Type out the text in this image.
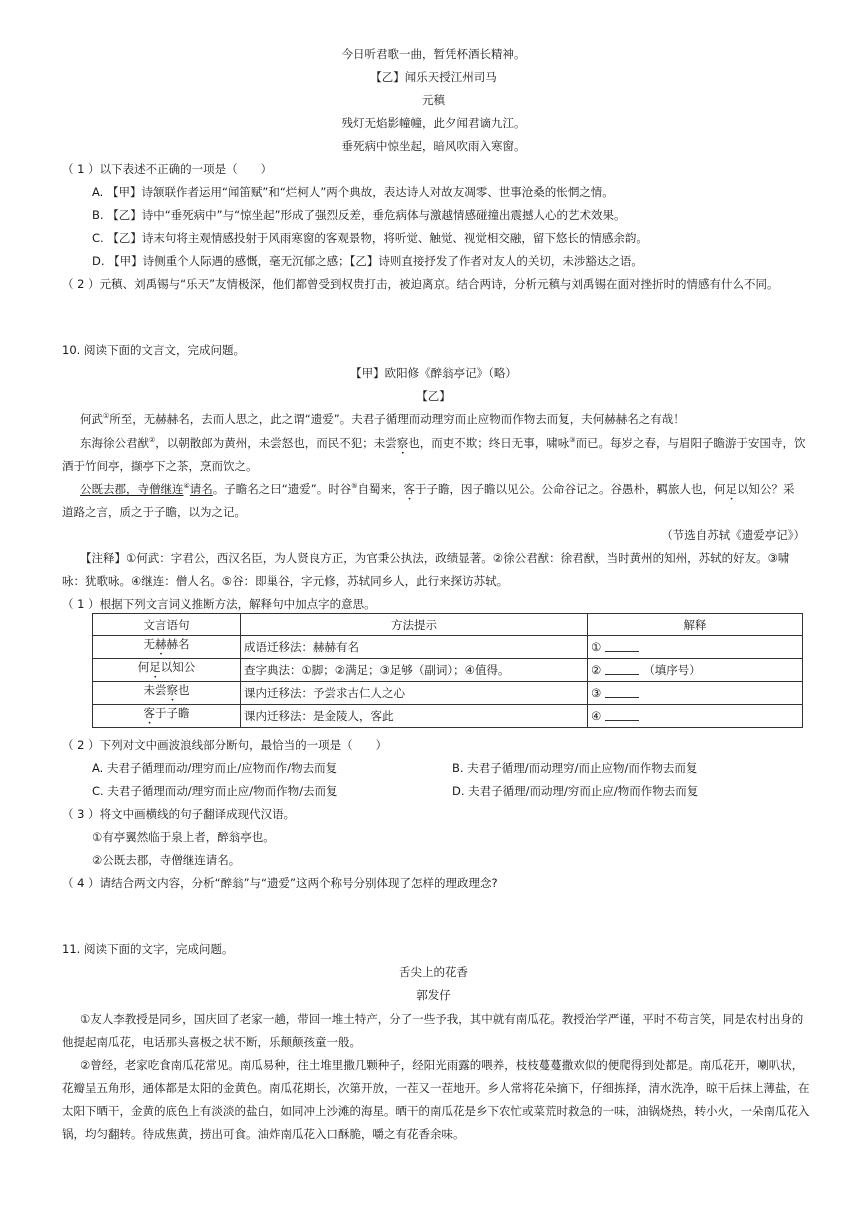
今日听君歌一曲，暂凭杯酒长精神。
【乙】闻乐天授江州司马
元稹
残灯无焰影幢幢，此夕闻君谪九江。
垂死病中惊坐起，暗风吹雨入寒窗。
（ 1 ）以下表述不正确的一项是（　　）
A. 【甲】诗颔联作者运用“闻笛赋”和“烂柯人”两个典故，表达诗人对故友凋零、世事沧桑的怅惘之情。
B. 【乙】诗中“垂死病中”与“惊坐起”形成了强烈反差，垂危病体与激越情感碰撞出震撼人心的艺术效果。
C. 【乙】诗末句将主观情感投射于风雨寒窗的客观景物，将听觉、触觉、视觉相交融，留下悠长的情感余韵。
D. 【甲】诗侧重个人际遇的感慨，毫无沉郁之感；【乙】诗则直接抒发了作者对友人的关切，未涉豁达之语。
（ 2 ）元稹、刘禹锡与“乐天”友情极深，他们都曾受到权贵打击，被迫离京。结合两诗，分析元稹与刘禹锡在面对挫折时的情感有什么不同。
10. 阅读下面的文言文，完成问题。
【甲】欧阳修《醉翁亭记》（略）
【乙】
何武①所至，无赫赫名，去而人思之，此之谓“遗爱”。夫君子循理而动理穷而止应物而作物去而复，夫何赫赫名之有哉！
东海徐公君猷②，以朝散郎为黄州，未尝怒也，而民不犯；未尝察也，而吏不欺；终日无事，啸咏③而已。每岁之春，与眉阳子瞻游于安国寺，饮
酒于竹间亭，撷亭下之茶，烹而饮之。
公既去郡，寺僧继连④请名。子瞻名之曰“遗爱”。时谷⑤自蜀来，客于子瞻，因子瞻以见公。公命谷记之。谷愚朴，羁旅人也，何足以知公？采
道路之言，质之于子瞻，以为之记。
（节选自苏轼《遗爱亭记》）
【注释】①何武：字君公，西汉名臣，为人贤良方正，为官秉公执法，政绩显著。②徐公君猷：徐君猷，当时黄州的知州，苏轼的好友。③啸
咏：犹歌咏。④继连：僧人名。⑤谷：即巢谷，字元修，苏轼同乡人，此行来探访苏轼。
（ 1 ）根据下列文言词义推断方法，解释句中加点字的意思。
文言语句	方法提示	解释
无赫赫名	成语迁移法：赫赫有名	①
何足以知公	查字典法：①脚；②满足；③足够（副词）；④值得。	② （填序号）
未尝察也	课内迁移法：予尝求古仁人之心	③
客于子瞻	课内迁移法：是金陵人，客此	④
（ 2 ）下列对文中画波浪线部分断句，最恰当的一项是（　　）
A. 夫君子循理而动/理穷而止/应物而作/物去而复	B. 夫君子循理/而动理穷/而止应物/而作物去而复
C. 夫君子循理而动/理穷而止应/物而作物/去而复	D. 夫君子循理/而动理/穷而止应/物而作物去而复
（ 3 ）将文中画横线的句子翻译成现代汉语。
①有亭翼然临于泉上者，醉翁亭也。
②公既去郡，寺僧继连请名。
（ 4 ）请结合两文内容，分析“醉翁”与“遗爱”这两个称号分别体现了怎样的理政理念?
11. 阅读下面的文字，完成问题。
舌尖上的花香
郭发仔
①友人李教授是同乡，国庆回了老家一趟，带回一堆土特产，分了一些予我，其中就有南瓜花。教授治学严谨，平时不苟言笑，同是农村出身的
他提起南瓜花，电话那头喜极之状不断，乐颠颠孩童一般。
②曾经，老家吃食南瓜花常见。南瓜易种，往土堆里撒几颗种子，经阳光雨露的喂养，枝枝蔓蔓撒欢似的便爬得到处都是。南瓜花开，喇叭状，
花瓣呈五角形，通体都是太阳的金黄色。南瓜花期长，次第开放，一茬又一茬地开。乡人常将花朵摘下，仔细拣择，清水洗净，晾干后抹上薄盐，在
太阳下晒干，金黄的底色上有淡淡的盐白，如同冲上沙滩的海星。晒干的南瓜花是乡下农忙或菜荒时救急的一味，油锅烧热，转小火，一朵南瓜花入
锅，均匀翻转。待成焦黄，捞出可食。油炸南瓜花入口酥脆，嚼之有花香余味。
